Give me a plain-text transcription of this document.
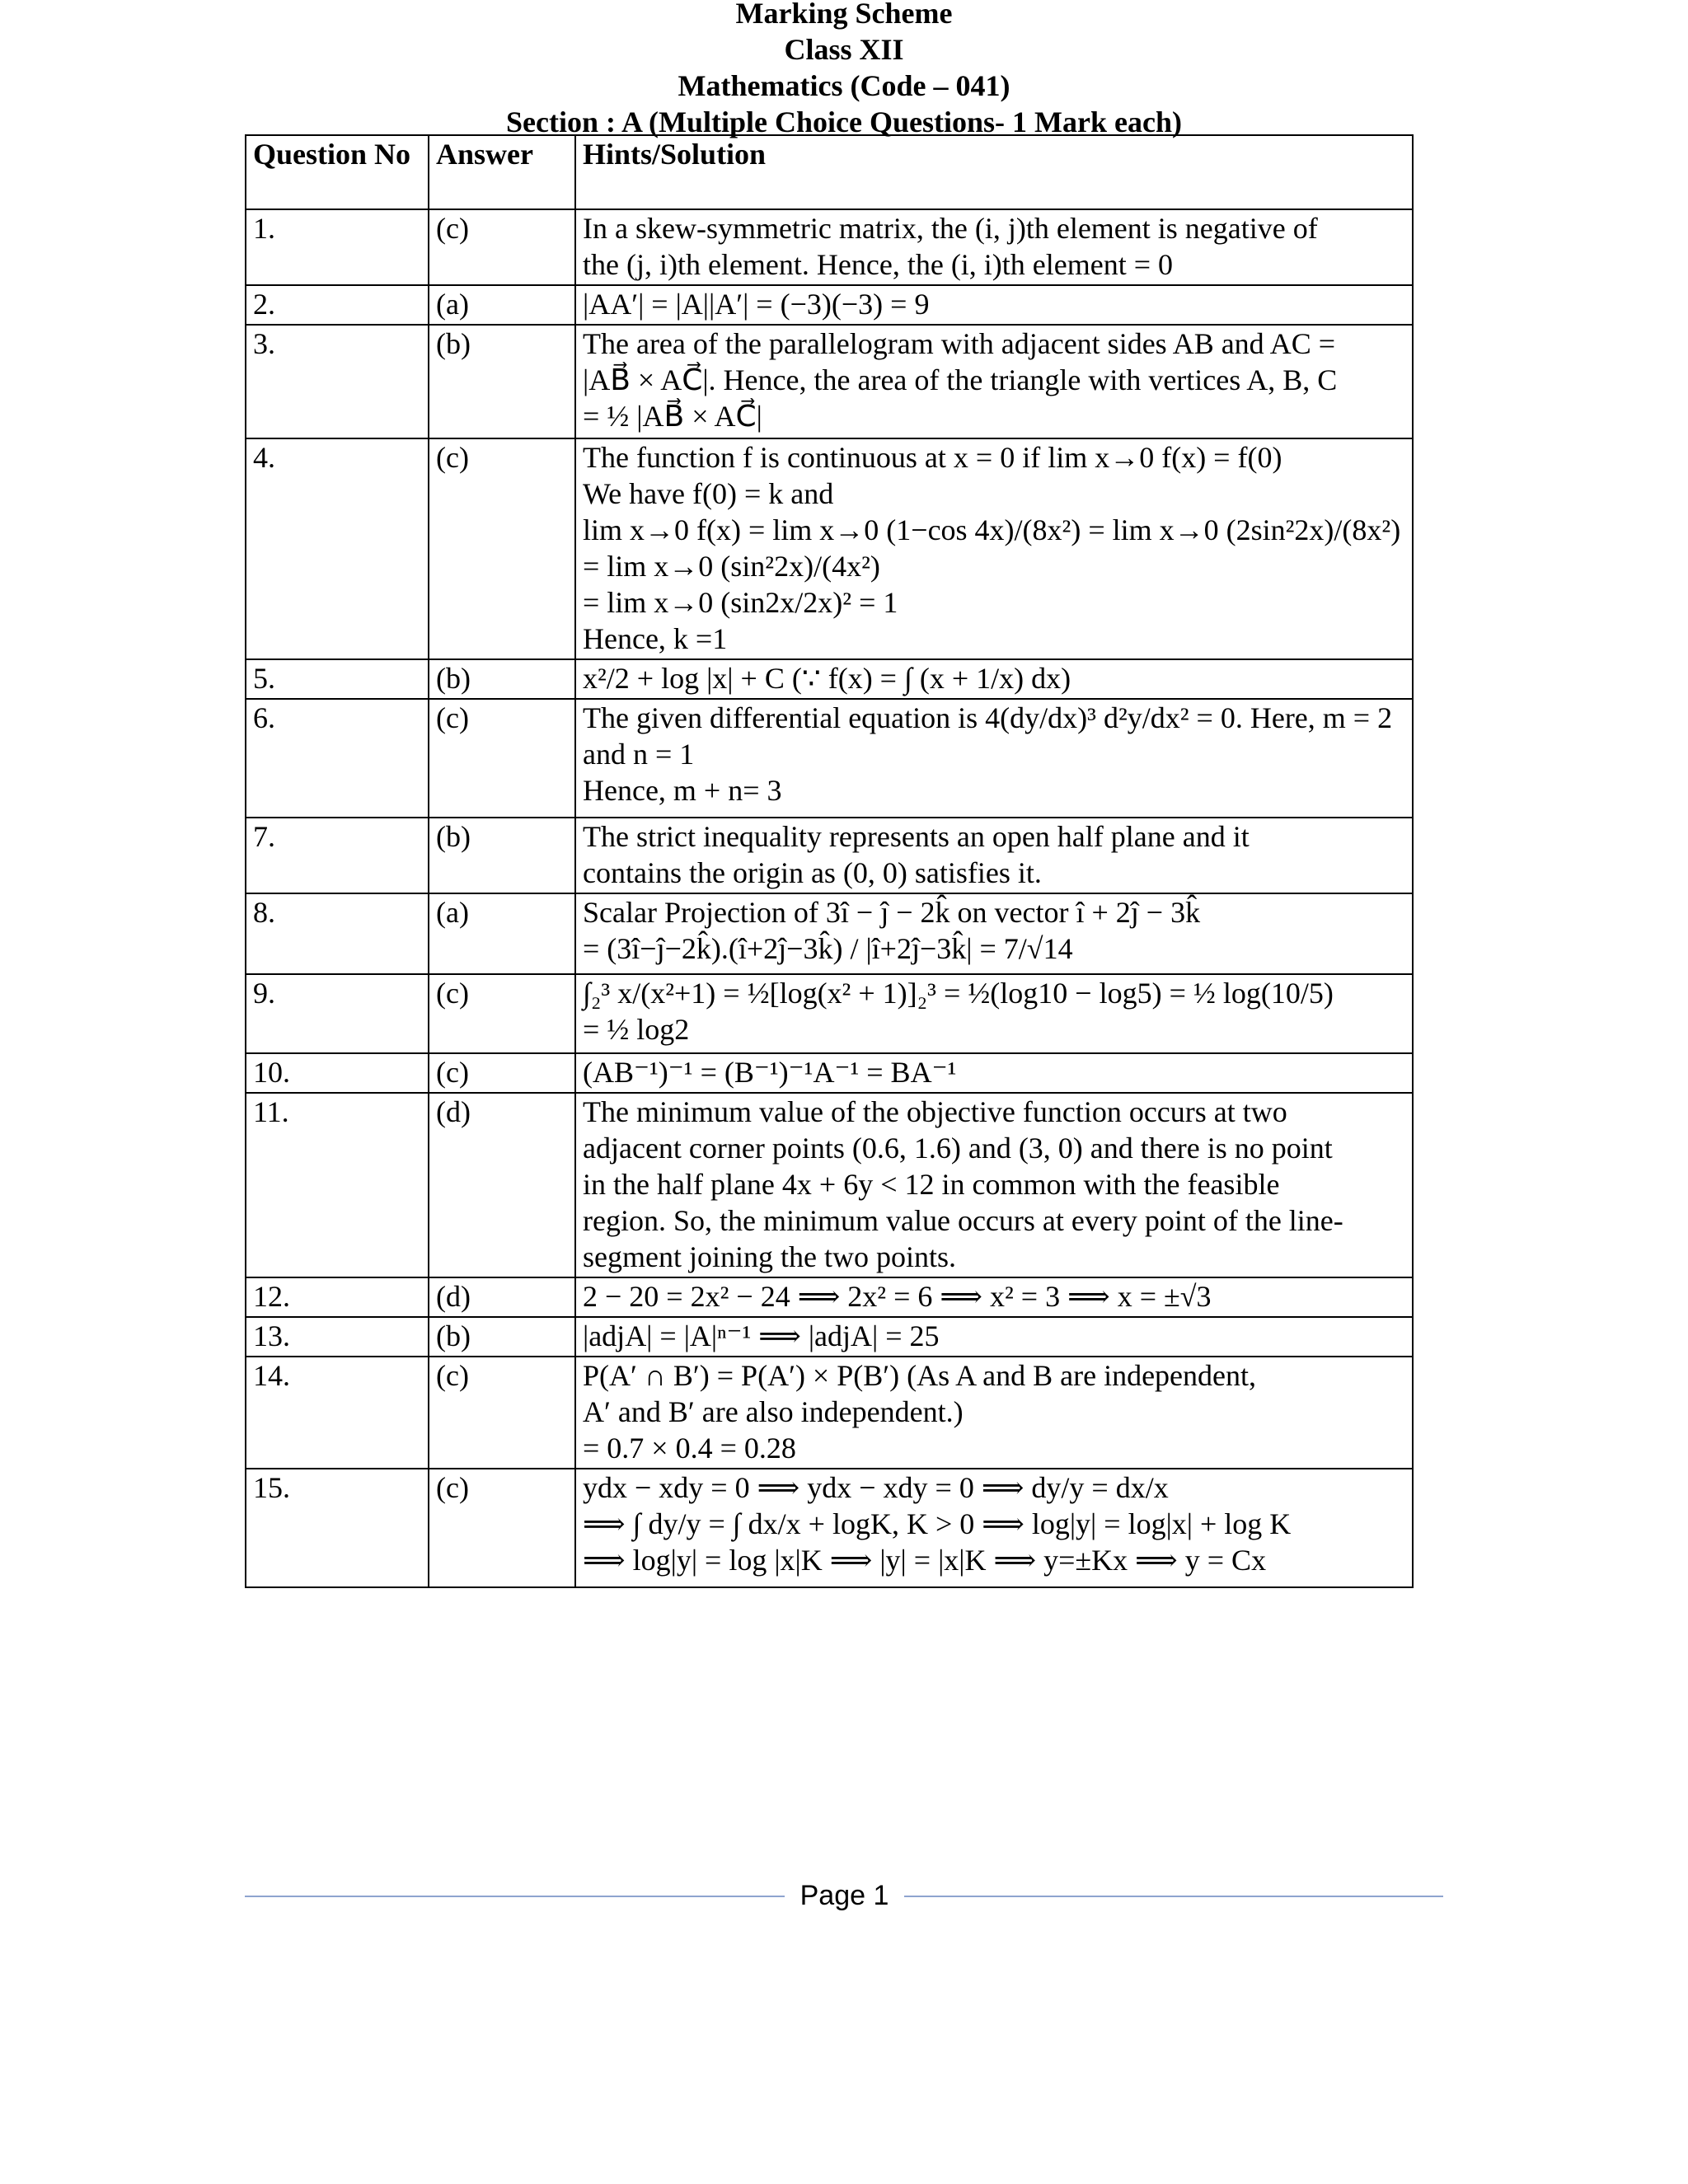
Marking Scheme
Class XII
Mathematics (Code – 041)
Section : A (Multiple Choice Questions- 1 Mark each)
Question No	Answer	Hints/Solution
1.	(c)	In a skew-symmetric matrix, the (i, j)th element is negative of
the (j, i)th element. Hence, the (i, i)th element = 0

2.	(a)	|AA′| = |A||A′| = (−3)(−3) = 9

3.	(b)	The area of the parallelogram with adjacent sides AB and AC =
|AB⃗ × AC⃗|. Hence, the area of the triangle with vertices A, B, C
= ½ |AB⃗ × AC⃗|

4.	(c)	The function f is continuous at x = 0 if lim x→0 f(x) = f(0)
We have f(0) = k and
lim x→0 f(x) = lim x→0 (1−cos 4x)/(8x²) = lim x→0 (2sin²2x)/(8x²) = lim x→0 (sin²2x)/(4x²)
= lim x→0 (sin2x/2x)² = 1
Hence, k =1

5.	(b)	x²/2 + log |x| + C (∵ f(x) = ∫ (x + 1/x) dx)

6.	(c)	The given differential equation is 4(dy/dx)³ d²y/dx² = 0. Here, m = 2
and n = 1
Hence, m + n= 3

7.	(b)	The strict inequality represents an open half plane and it
contains the origin as (0, 0) satisfies it.

8.	(a)	Scalar Projection of 3î − ĵ − 2k̂ on vector î + 2ĵ − 3k̂
= (3î−ĵ−2k̂).(î+2ĵ−3k̂) / |î+2ĵ−3k̂| = 7/√14

9.	(c)	∫₂³ x/(x²+1) = ½[log(x² + 1)]₂³ = ½(log10 − log5) = ½ log(10/5)
= ½ log2

10.	(c)	(AB⁻¹)⁻¹ = (B⁻¹)⁻¹A⁻¹ = BA⁻¹

11.	(d)	The minimum value of the objective function occurs at two
adjacent corner points (0.6, 1.6) and (3, 0) and there is no point
in the half plane 4x + 6y < 12 in common with the feasible
region. So, the minimum value occurs at every point of the line-
segment joining the two points.

12.	(d)	2 − 20 = 2x² − 24 ⟹ 2x² = 6 ⟹ x² = 3 ⟹ x = ±√3

13.	(b)	|adjA| = |A|ⁿ⁻¹ ⟹ |adjA| = 25

14.	(c)	P(A′ ∩ B′) = P(A′) × P(B′) (As A and B are independent,
A′ and B′ are also independent.)
= 0.7 × 0.4 = 0.28

15.	(c)	ydx − xdy = 0 ⟹ ydx − xdy = 0 ⟹ dy/y = dx/x
⟹ ∫ dy/y = ∫ dx/x + logK, K > 0 ⟹ log|y| = log|x| + log K
⟹ log|y| = log |x|K ⟹ |y| = |x|K ⟹ y=±Kx ⟹ y = Cx
Page 1
